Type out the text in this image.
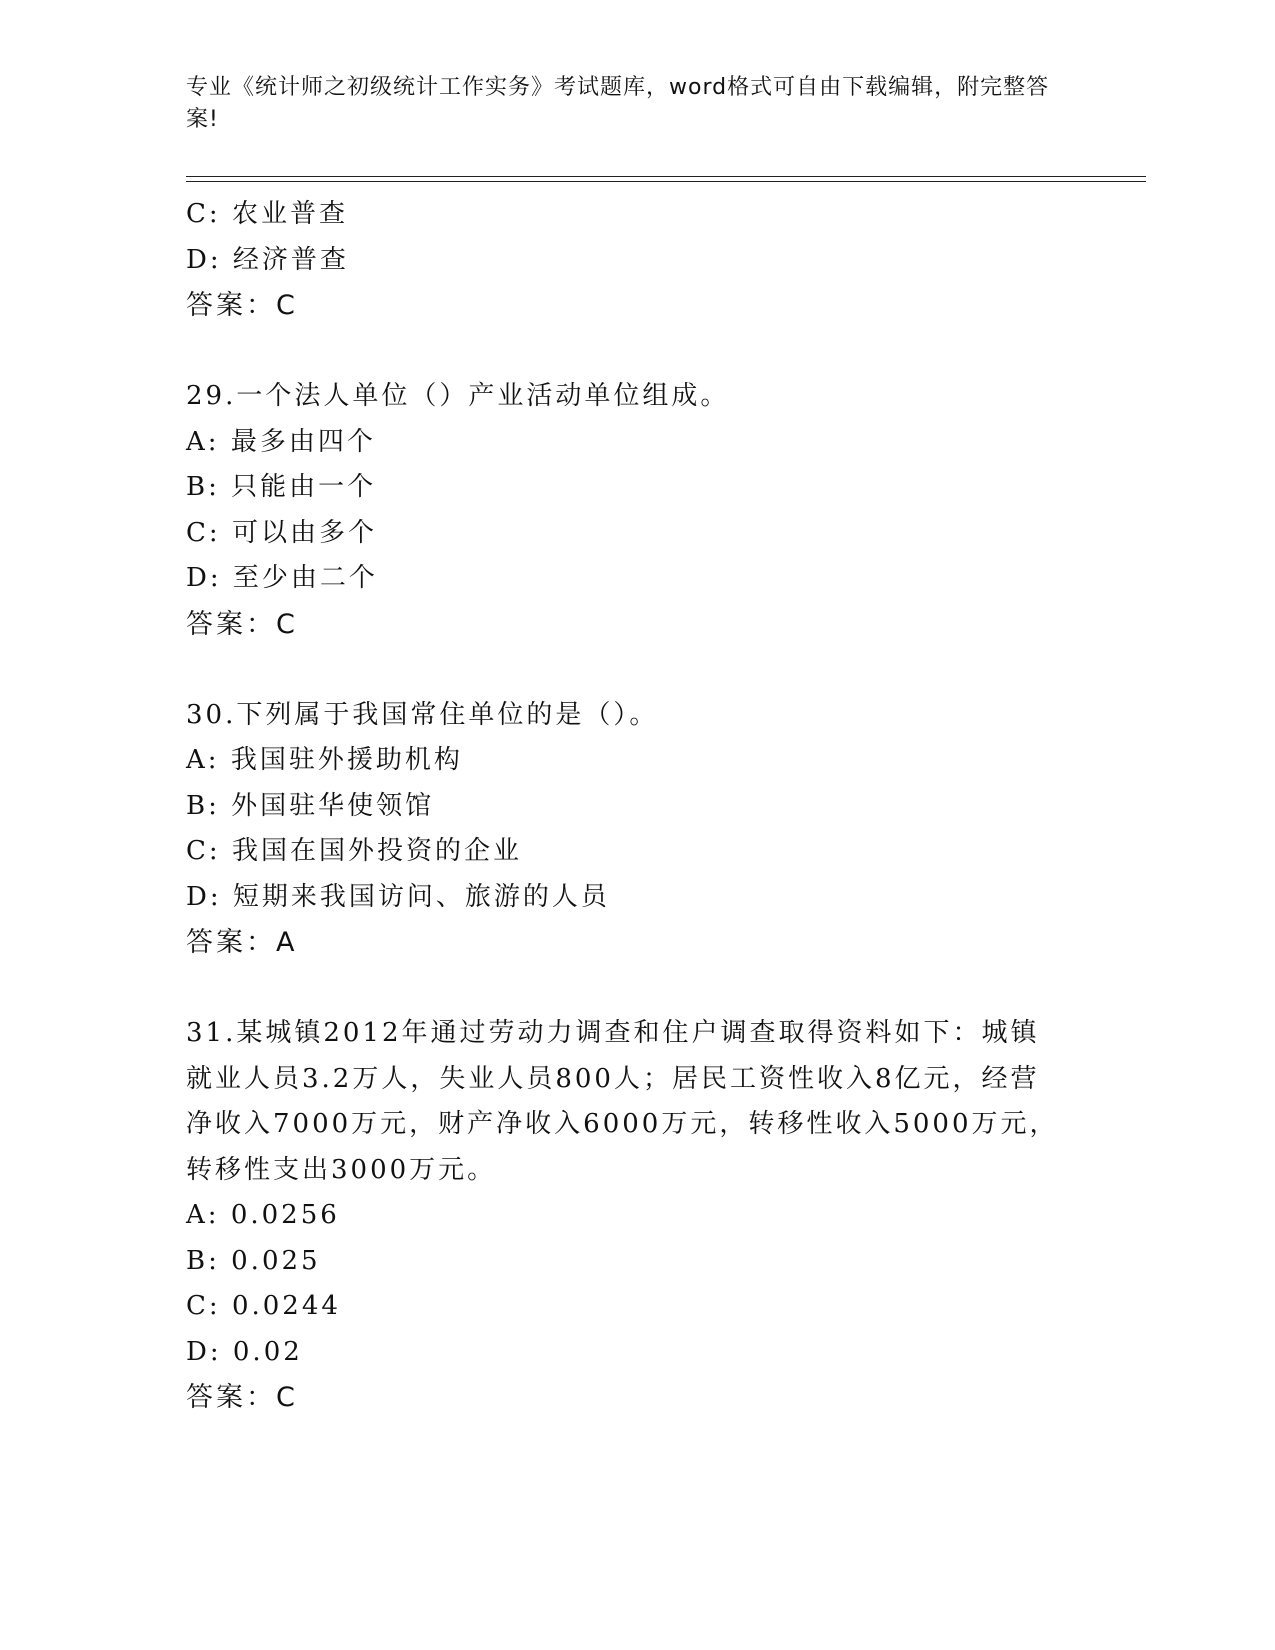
专业《统计师之初级统计工作实务》考试题库，word格式可自由下载编辑，附完整答案!
C: 农业普查
D: 经济普查
答案：C
29.一个法人单位（）产业活动单位组成。
A: 最多由四个
B: 只能由一个
C: 可以由多个
D: 至少由二个
答案：C
30.下列属于我国常住单位的是（）。
A: 我国驻外援助机构
B: 外国驻华使领馆
C: 我国在国外投资的企业
D: 短期来我国访问、旅游的人员
答案：A
31.某城镇2012年通过劳动力调查和住户调查取得资料如下：城镇就业人员3.2万人，失业人员800人；居民工资性收入8亿元，经营净收入7000万元，财产净收入6000万元，转移性收入5000万元，转移性支出3000万元。
A: 0.0256
B: 0.025
C: 0.0244
D: 0.02
答案：C
